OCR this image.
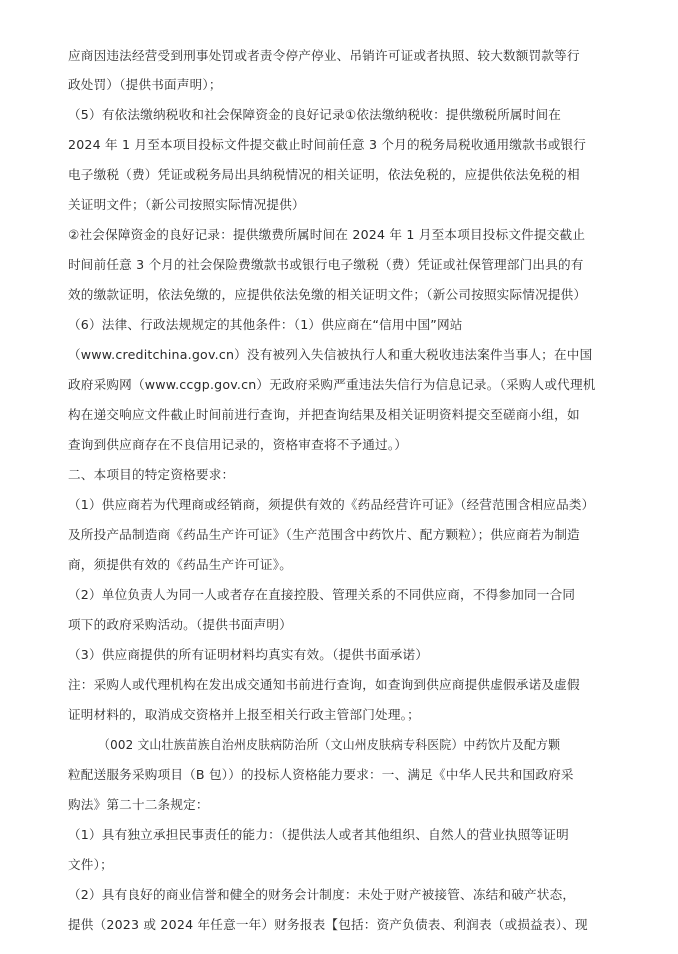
应商因违法经营受到刑事处罚或者责令停产停业、吊销许可证或者执照、较大数额罚款等行
政处罚）（提供书面声明）；
（5）有依法缴纳税收和社会保障资金的良好记录①依法缴纳税收：提供缴税所属时间在
2024 年 1 月至本项目投标文件提交截止时间前任意 3 个月的税务局税收通用缴款书或银行
电子缴税（费）凭证或税务局出具纳税情况的相关证明，依法免税的，应提供依法免税的相
关证明文件；（新公司按照实际情况提供）
②社会保障资金的良好记录：提供缴费所属时间在 2024 年 1 月至本项目投标文件提交截止
时间前任意 3 个月的社会保险费缴款书或银行电子缴税（费）凭证或社保管理部门出具的有
效的缴款证明，依法免缴的，应提供依法免缴的相关证明文件；（新公司按照实际情况提供）
（6）法律、行政法规规定的其他条件：（1）供应商在“信用中国”网站
（www.creditchina.gov.cn）没有被列入失信被执行人和重大税收违法案件当事人；在中国
政府采购网（www.ccgp.gov.cn）无政府采购严重违法失信行为信息记录。（采购人或代理机
构在递交响应文件截止时间前进行查询，并把查询结果及相关证明资料提交至磋商小组，如
查询到供应商存在不良信用记录的，资格审查将不予通过。）
二、本项目的特定资格要求：
（1）供应商若为代理商或经销商，须提供有效的《药品经营许可证》（经营范围含相应品类）
及所投产品制造商《药品生产许可证》（生产范围含中药饮片、配方颗粒）；供应商若为制造
商，须提供有效的《药品生产许可证》。
（2）单位负责人为同一人或者存在直接控股、管理关系的不同供应商，不得参加同一合同
项下的政府采购活动。（提供书面声明）
（3）供应商提供的所有证明材料均真实有效。（提供书面承诺）
注：采购人或代理机构在发出成交通知书前进行查询，如查询到供应商提供虚假承诺及虚假
证明材料的，取消成交资格并上报至相关行政主管部门处理。；
（002 文山壮族苗族自治州皮肤病防治所（文山州皮肤病专科医院）中药饮片及配方颗
粒配送服务采购项目（B 包））的投标人资格能力要求：一、满足《中华人民共和国政府采
购法》第二十二条规定：
（1）具有独立承担民事责任的能力：（提供法人或者其他组织、自然人的营业执照等证明
文件）；
（2）具有良好的商业信誉和健全的财务会计制度：未处于财产被接管、冻结和破产状态，
提供（2023 或 2024 年任意一年）财务报表【包括：资产负债表、利润表（或损益表）、现
